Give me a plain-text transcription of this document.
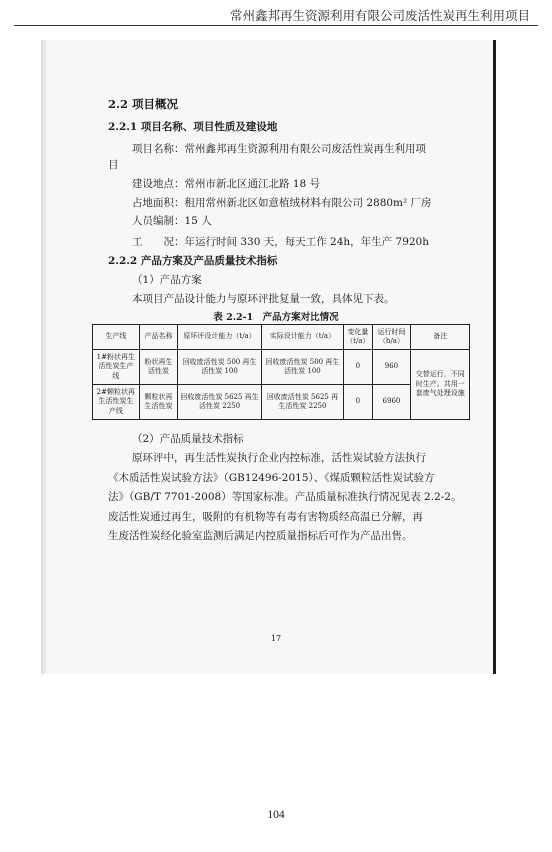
常州鑫邦再生资源利用有限公司废活性炭再生利用项目
2.2 项目概况
2.2.1 项目名称、项目性质及建设地
项目名称：常州鑫邦再生资源利用有限公司废活性炭再生利用项
目
建设地点：常州市新北区通江北路 18 号
占地面积：租用常州新北区如意植绒材料有限公司 2880m² 厂房
人员编制：15 人
工　　况：年运行时间 330 天，每天工作 24h，年生产 7920h
2.2.2 产品方案及产品质量技术指标
（1）产品方案
本项目产品设计能力与原环评批复量一致，具体见下表。
表 2.2-1　产品方案对比情况
生产线	产品名称	原环评设计能力（t/a）	实际设计能力（t/a）	变化量（t/a）	运行时间（h/a）	备注
1#粉状再生活性炭生产线	粉状再生活性炭	回收废活性炭 500 再生活性炭 100	回收废活性炭 500 再生活性炭 100	0	960	交替运行，不同时生产。共用一套废气处理设施
2#颗粒状再生活性炭生产线	颗粒状再生活性炭	回收废活性炭 5625 再生活性炭 2250	回收废活性炭 5625 再生活性炭 2250	0	6960	
（2）产品质量技术指标
原环评中，再生活性炭执行企业内控标准，活性炭试验方法执行
《木质活性炭试验方法》（GB12496-2015）、《煤质颗粒活性炭试验方
法》（GB/T 7701-2008）等国家标准。产品质量标准执行情况见表 2.2-2。
废活性炭通过再生，吸附的有机物等有毒有害物质经高温已分解，再
生废活性炭经化验室监测后满足内控质量指标后可作为产品出售。
17
104
